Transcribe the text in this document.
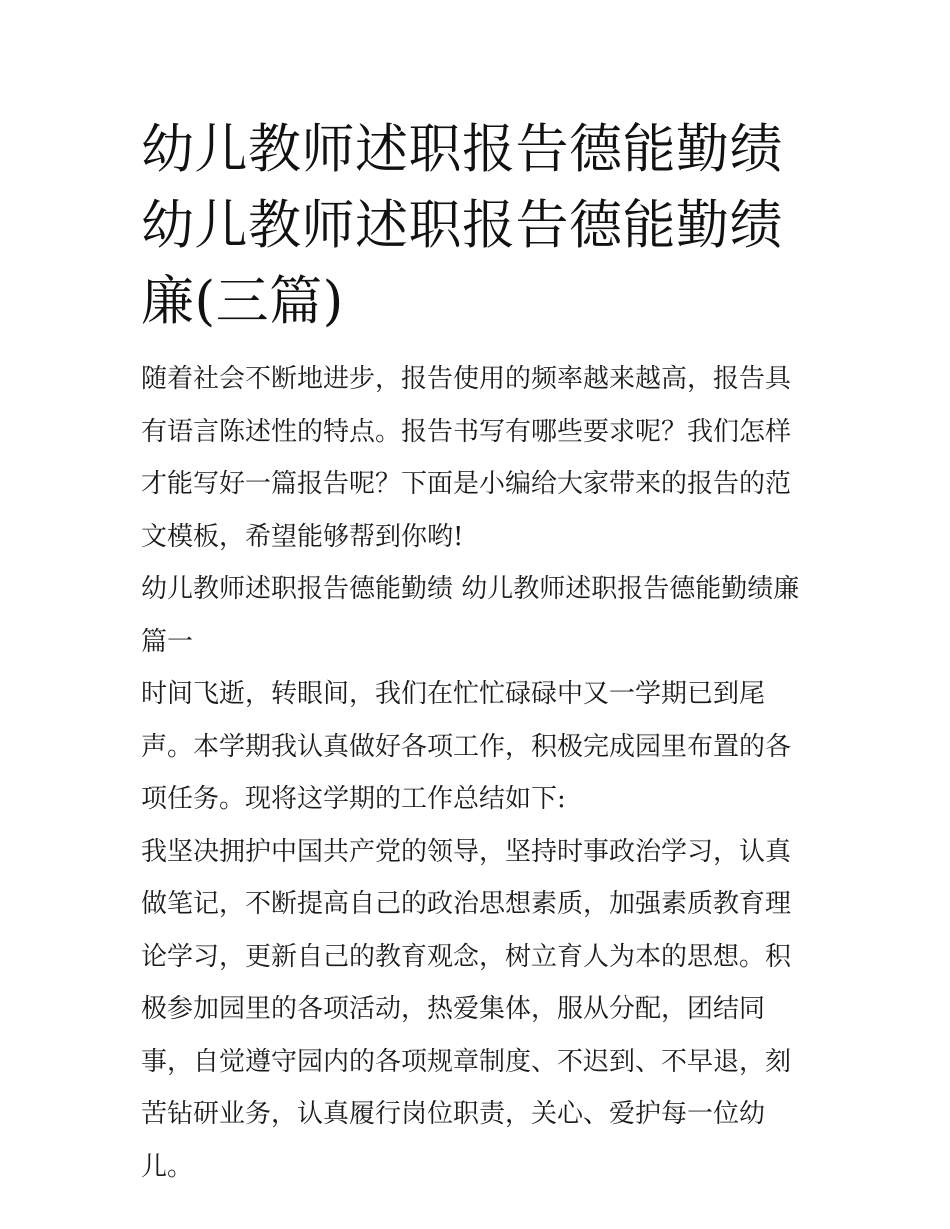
幼儿教师述职报告德能勤绩 幼儿教师述职报告德能勤绩廉(三篇)

随着社会不断地进步，报告使用的频率越来越高，报告具有语言陈述性的特点。报告书写有哪些要求呢？我们怎样才能写好一篇报告呢？下面是小编给大家带来的报告的范文模板，希望能够帮到你哟!

幼儿教师述职报告德能勤绩 幼儿教师述职报告德能勤绩廉篇一

时间飞逝，转眼间，我们在忙忙碌碌中又一学期已到尾声。本学期我认真做好各项工作，积极完成园里布置的各项任务。现将这学期的工作总结如下:

我坚决拥护中国共产党的领导，坚持时事政治学习，认真做笔记，不断提高自己的政治思想素质，加强素质教育理论学习，更新自己的教育观念，树立育人为本的思想。积极参加园里的各项活动，热爱集体，服从分配，团结同事，自觉遵守园内的各项规章制度、不迟到、不早退，刻苦钻研业务，认真履行岗位职责，关心、爱护每一位幼儿。
